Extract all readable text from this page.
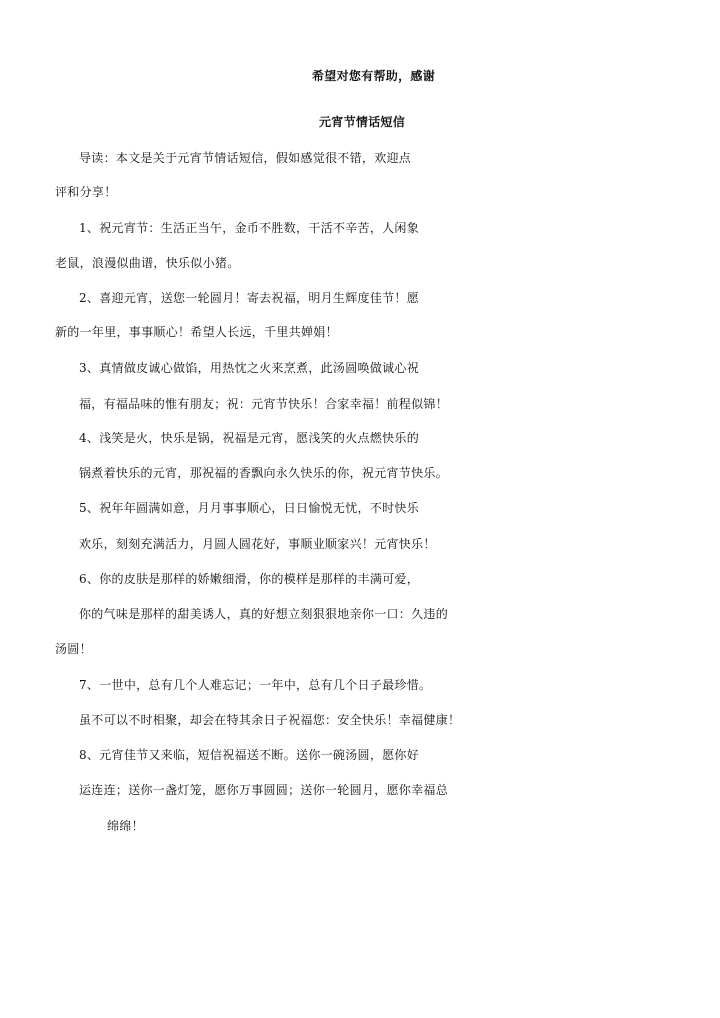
希望对您有帮助，感谢
元宵节情话短信
导读：本文是关于元宵节情话短信，假如感觉很不错，欢迎点
评和分享！
1、祝元宵节：生活正当午，金币不胜数，干活不辛苦，人闲象
老鼠，浪漫似曲谱，快乐似小猪。
2、喜迎元宵，送您一轮圆月！寄去祝福，明月生辉度佳节！愿
新的一年里，事事顺心！希望人长远，千里共婵娟！
3、真情做皮诚心做馅，用热忱之火来烹煮，此汤圆唤做诚心祝
福，有福品味的惟有朋友；祝：元宵节快乐！合家幸福！前程似锦！
4、浅笑是火，快乐是锅，祝福是元宵，愿浅笑的火点燃快乐的
锅煮着快乐的元宵，那祝福的香飘向永久快乐的你，祝元宵节快乐。
5、祝年年圆满如意，月月事事顺心，日日愉悦无忧，不时快乐
欢乐，刻刻充满活力，月圆人圆花好，事顺业顺家兴！元宵快乐！
6、你的皮肤是那样的娇嫩细滑，你的模样是那样的丰满可爱，
你的气味是那样的甜美诱人，真的好想立刻狠狠地亲你一口：久违的
汤圆！
7、一世中，总有几个人难忘记；一年中，总有几个日子最珍惜。
虽不可以不时相聚，却会在特其余日子祝福您：安全快乐！幸福健康！
8、元宵佳节又来临，短信祝福送不断。送你一碗汤圆，愿你好
运连连；送你一盏灯笼，愿你万事圆圆；送你一轮圆月，愿你幸福总
绵绵！
